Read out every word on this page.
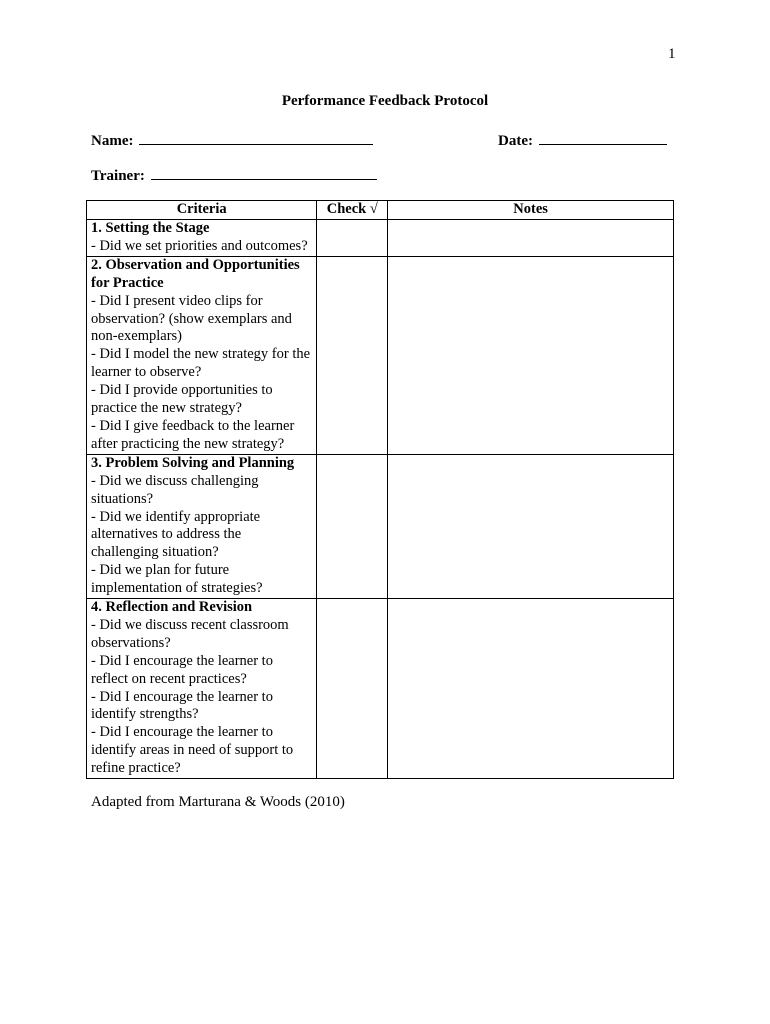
1
Performance Feedback Protocol
Name:	Date:
Trainer:
Criteria	Check √	Notes

1. Setting the Stage
- Did we set priorities and outcomes?		

2. Observation and Opportunities for Practice
- Did I present video clips for observation? (show exemplars and non-exemplars)
- Did I model the new strategy for the learner to observe?
- Did I provide opportunities to practice the new strategy?
- Did I give feedback to the learner after practicing the new strategy?		

3. Problem Solving and Planning
- Did we discuss challenging situations?
- Did we identify appropriate alternatives to address the challenging situation?
- Did we plan for future implementation of strategies?		

4. Reflection and Revision
- Did we discuss recent classroom observations?
- Did I encourage the learner to reflect on recent practices?
- Did I encourage the learner to identify strengths?
- Did I encourage the learner to identify areas in need of support to refine practice?		

Adapted from Marturana & Woods (2010)
